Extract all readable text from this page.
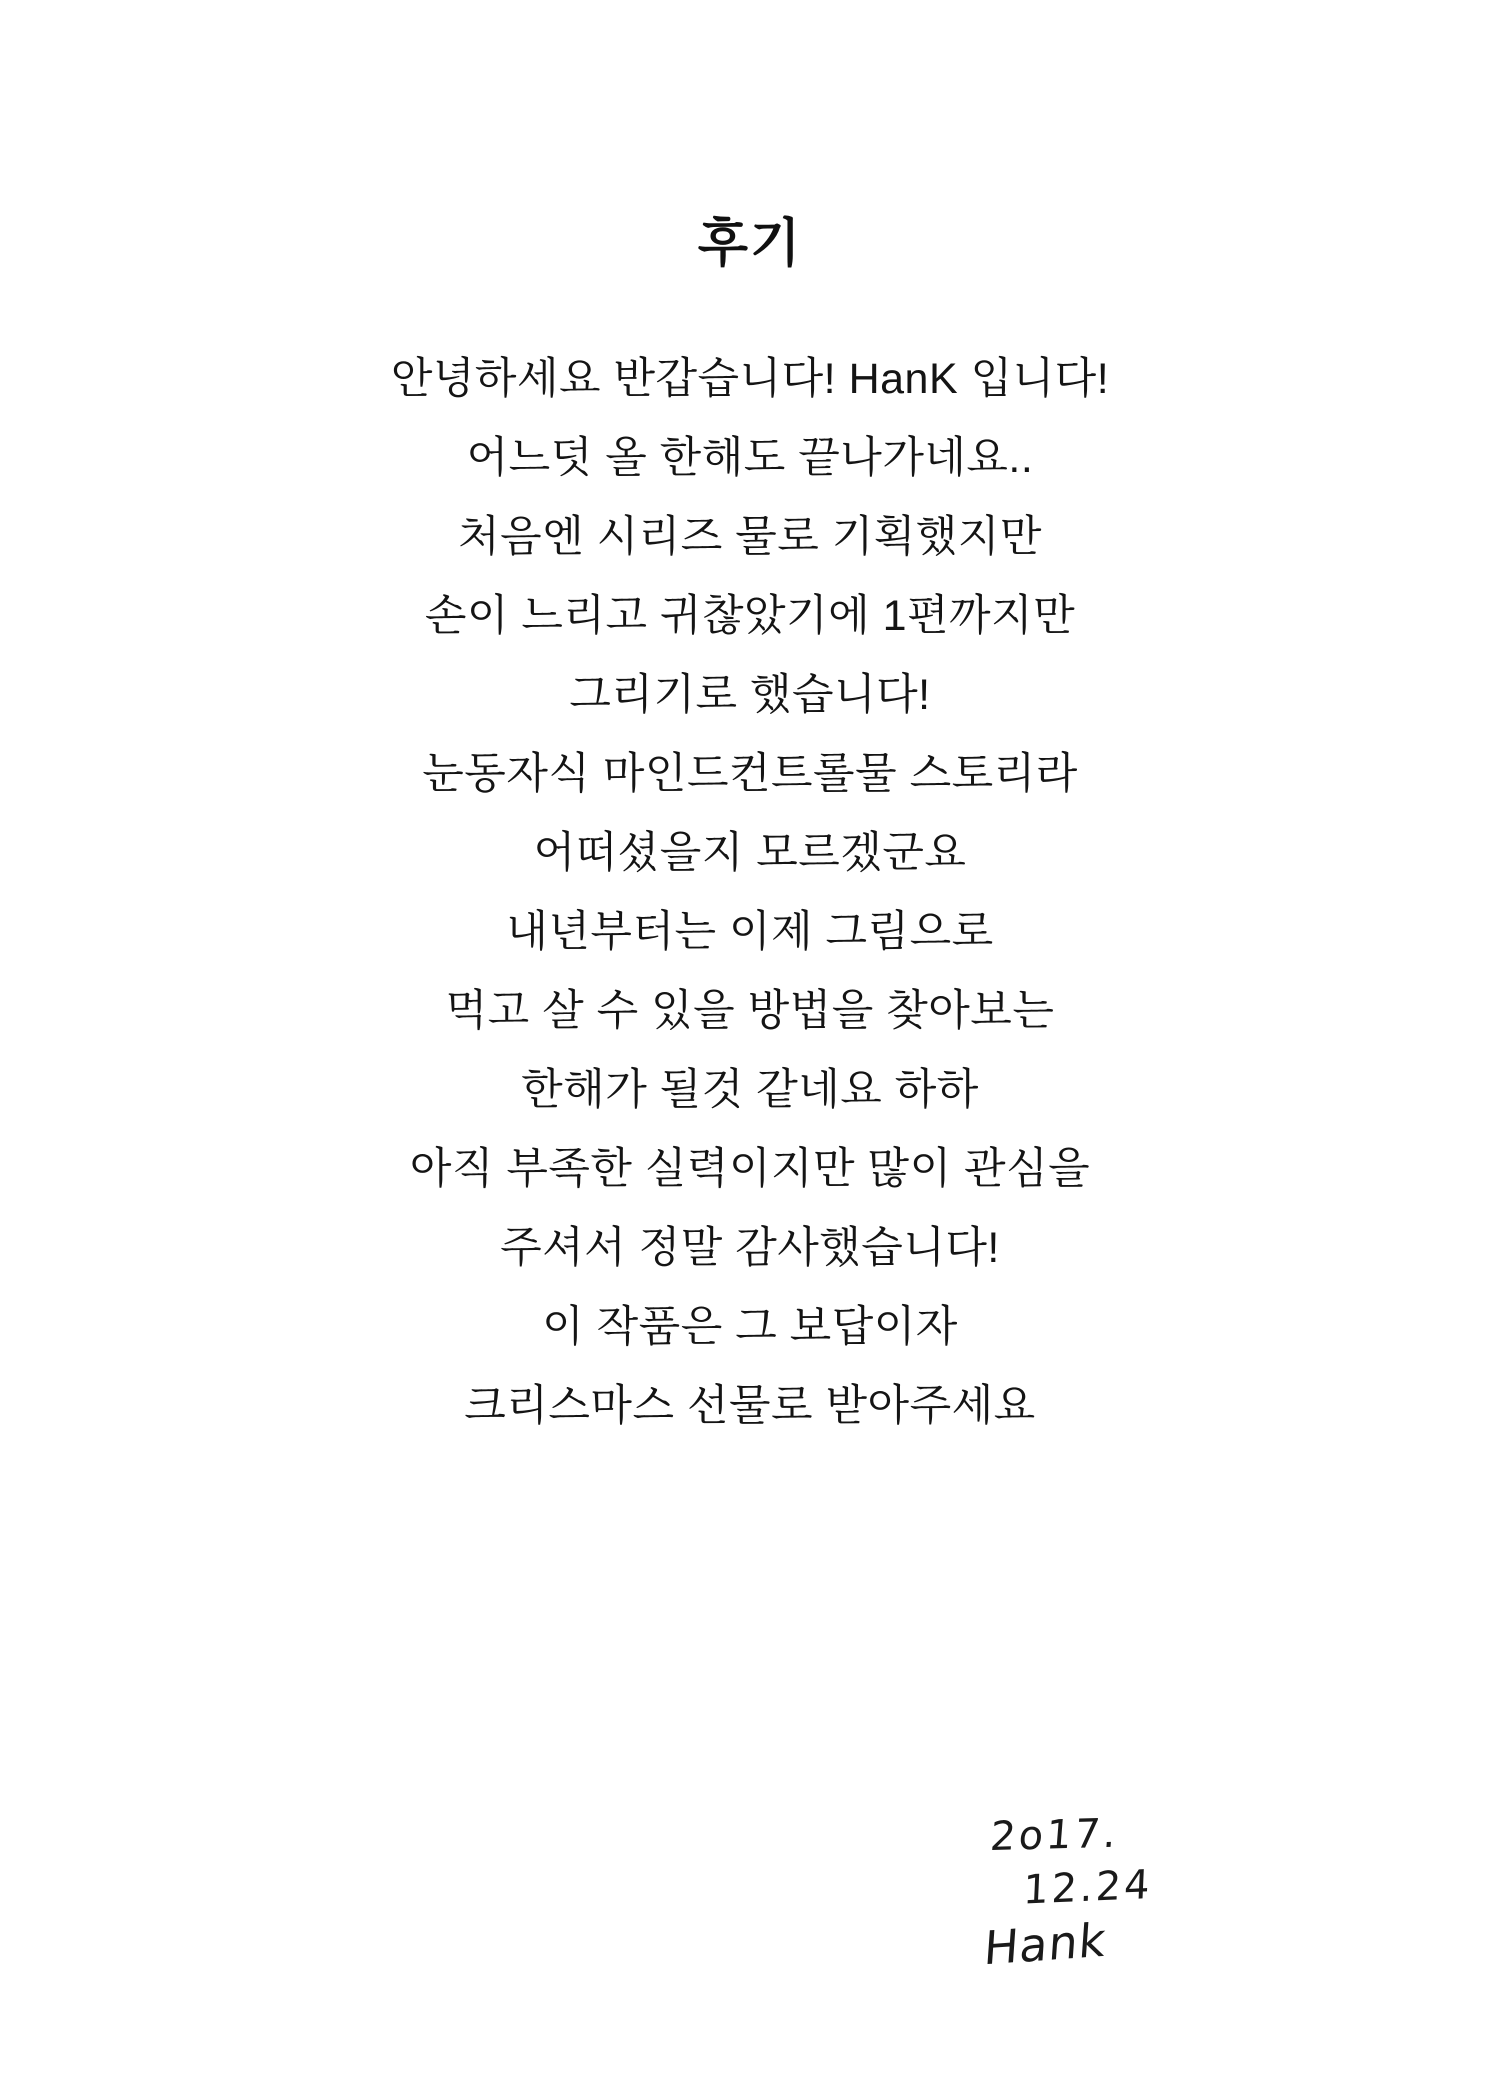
후기
안녕하세요 반갑습니다! HanK 입니다!
어느덧 올 한해도 끝나가네요..
처음엔 시리즈 물로 기획했지만
손이 느리고 귀찮았기에 1편까지만
그리기로 했습니다!
눈동자식 마인드컨트롤물 스토리라
어떠셨을지 모르겠군요
내년부터는 이제 그림으로
먹고 살 수 있을 방법을 찾아보는
한해가 될것 같네요 하하
아직 부족한 실력이지만 많이 관심을
주셔서 정말 감사했습니다!
이 작품은 그 보답이자
크리스마스 선물로 받아주세요
2o17.
12.24
Hank
